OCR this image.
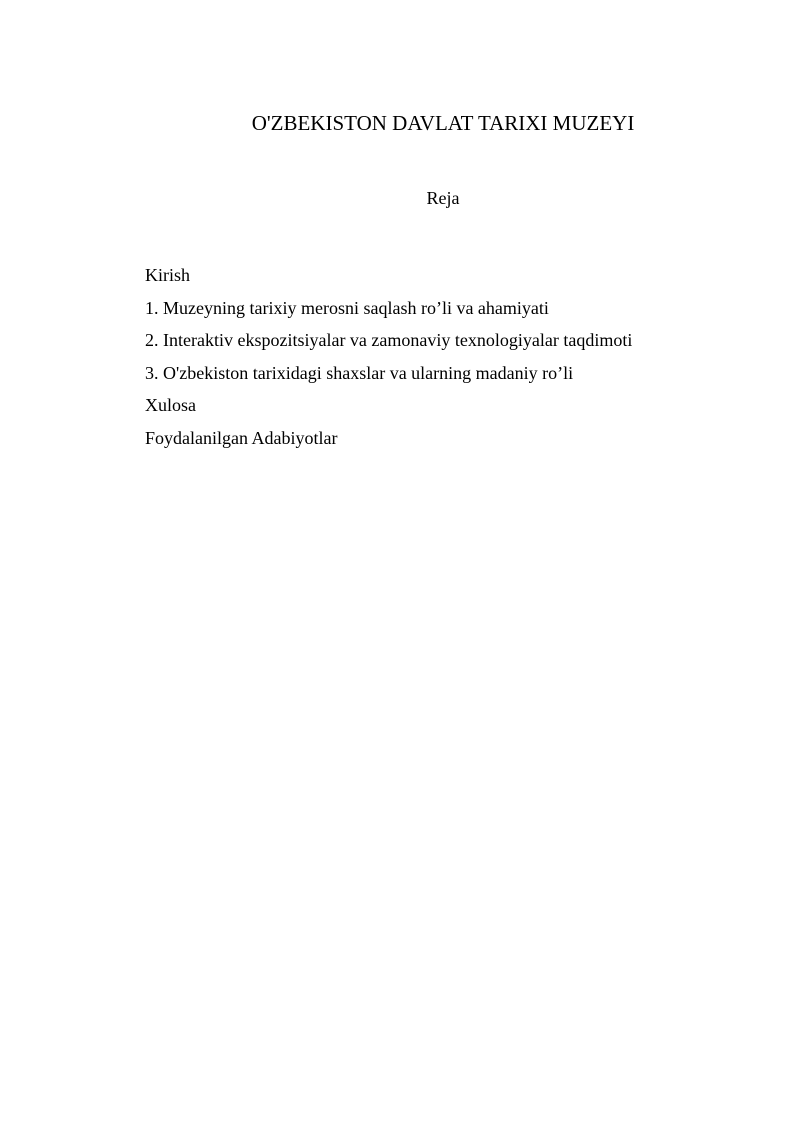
O'ZBEKISTON DAVLAT TARIXI MUZEYI
Reja
Kirish
1. Muzeyning tarixiy merosni saqlash ro’li va ahamiyati
2. Interaktiv ekspozitsiyalar va zamonaviy texnologiyalar taqdimoti
3. O'zbekiston tarixidagi shaxslar va ularning madaniy ro’li
Xulosa
Foydalanilgan Adabiyotlar
